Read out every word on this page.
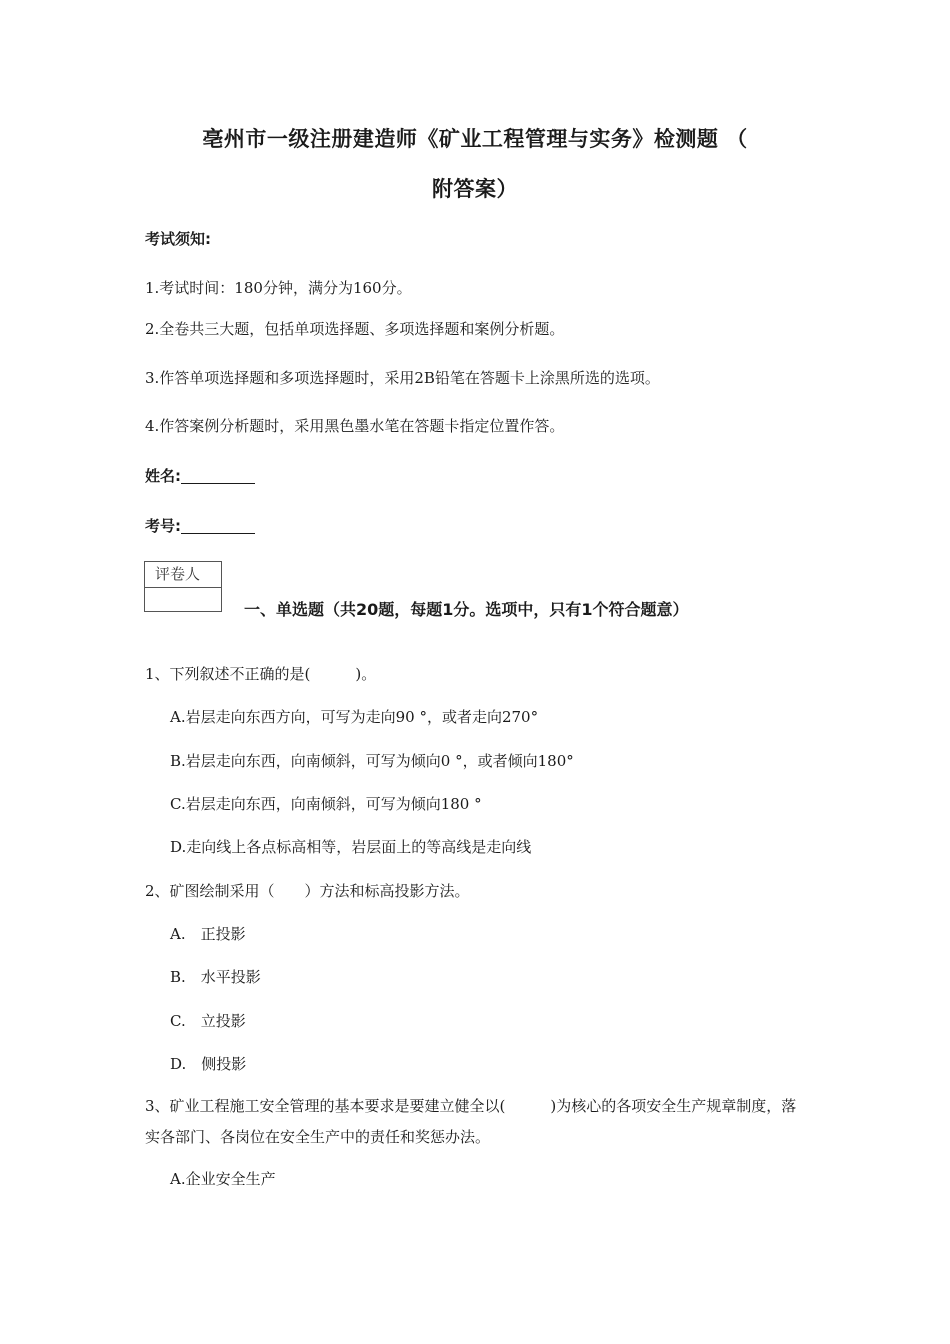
亳州市一级注册建造师《矿业工程管理与实务》检测题 （
附答案）
考试须知:
1.考试时间：180分钟，满分为160分。
2.全卷共三大题，包括单项选择题、多项选择题和案例分析题。
3.作答单项选择题和多项选择题时，采用2B铅笔在答题卡上涂黑所选的选项。
4.作答案例分析题时，采用黑色墨水笔在答题卡指定位置作答。
姓名:
考号:
评卷人
一、单选题（共20题，每题1分。选项中，只有1个符合题意）
1、下列叙述不正确的是(　　　)。
A.岩层走向东西方向，可写为走向90 °，或者走向270°
B.岩层走向东西，向南倾斜，可写为倾向0 °，或者倾向180°
C.岩层走向东西，向南倾斜，可写为倾向180 °
D.走向线上各点标高相等，岩层面上的等高线是走向线
2、矿图绘制采用（　　）方法和标高投影方法。
A.　正投影
B.　水平投影
C.　立投影
D.　侧投影
3、矿业工程施工安全管理的基本要求是要建立健全以(　　　)为核心的各项安全生产规章制度，落实各部门、各岗位在安全生产中的责任和奖惩办法。
A.企业安全生产
